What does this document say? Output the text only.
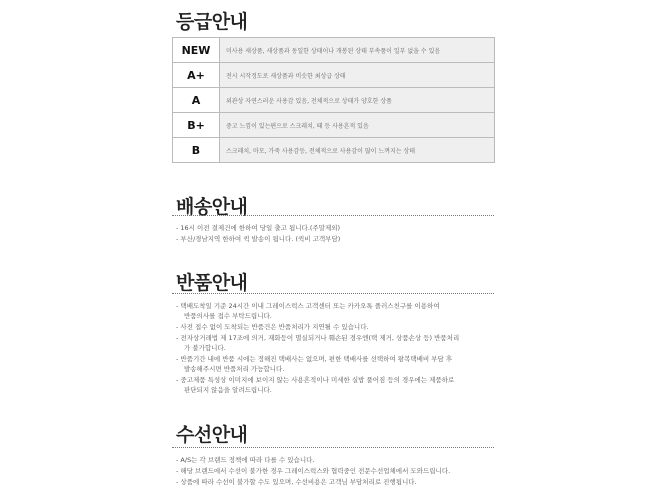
등급안내
NEW	미사용 새상품, 새상품과 동일한 상태이나 개봉된 상태 부속품이 일부 없을 수 있음
A+	전시 시작정도로 새상품과 비슷한 최상급 상태
A	외관상 자연스러운 사용감 있음, 전체적으로 상태가 양호한 상품
B+	중고 느낌이 있는편으로 스크래치, 때 등 사용흔적 있음
B	스크래치, 마모, 가죽 사용감등, 전체적으로 사용감이 많이 느껴지는 상태
배송안내
- 16시 이전 결제건에 한하여 당일 출고 됩니다.(주말제외)
- 부산/경남지역 한하여 퀵 발송이 됩니다. (퀵비 고객부담)
반품안내
- 택배도착일 기준 24시간 이내 그레이스럭스 고객센터 또는 카카오톡 플러스친구를 이용하여
반품의사를 접수 부탁드립니다.
- 사전 접수 없이 도착되는 반품건은 반품처리가 지연될 수 있습니다.
- 전자상거래법 제 17조에 의거, 재화등이 멸실되거나 훼손된 경우엔(택 제거, 상품손상 등) 반품처리
가 불가합니다.
- 반품기간 내에 반품 시에는 정해진 택배사는 없으며, 편한 택배사를 선택하여 왕복택배비 부담 후
발송해주시면 반품처리 가능합니다.
- 중고제품 특성상 이미지에 보이지 않는 사용흔적이나 미세한 실밥 풀어짐 등의 경우에는 제품하로
판단되지 않음을 알려드립니다.
수선안내
- A/S는 각 브랜드 정책에 따라 다를 수 있습니다.
- 해당 브랜드에서 수선이 불가한 경우 그레이스럭스와 협력중인 전문수선업체에서 도와드립니다.
- 상품에 따라 수선이 불가할 수도 있으며, 수선비용은 고객님 부담처리로 진행됩니다.
